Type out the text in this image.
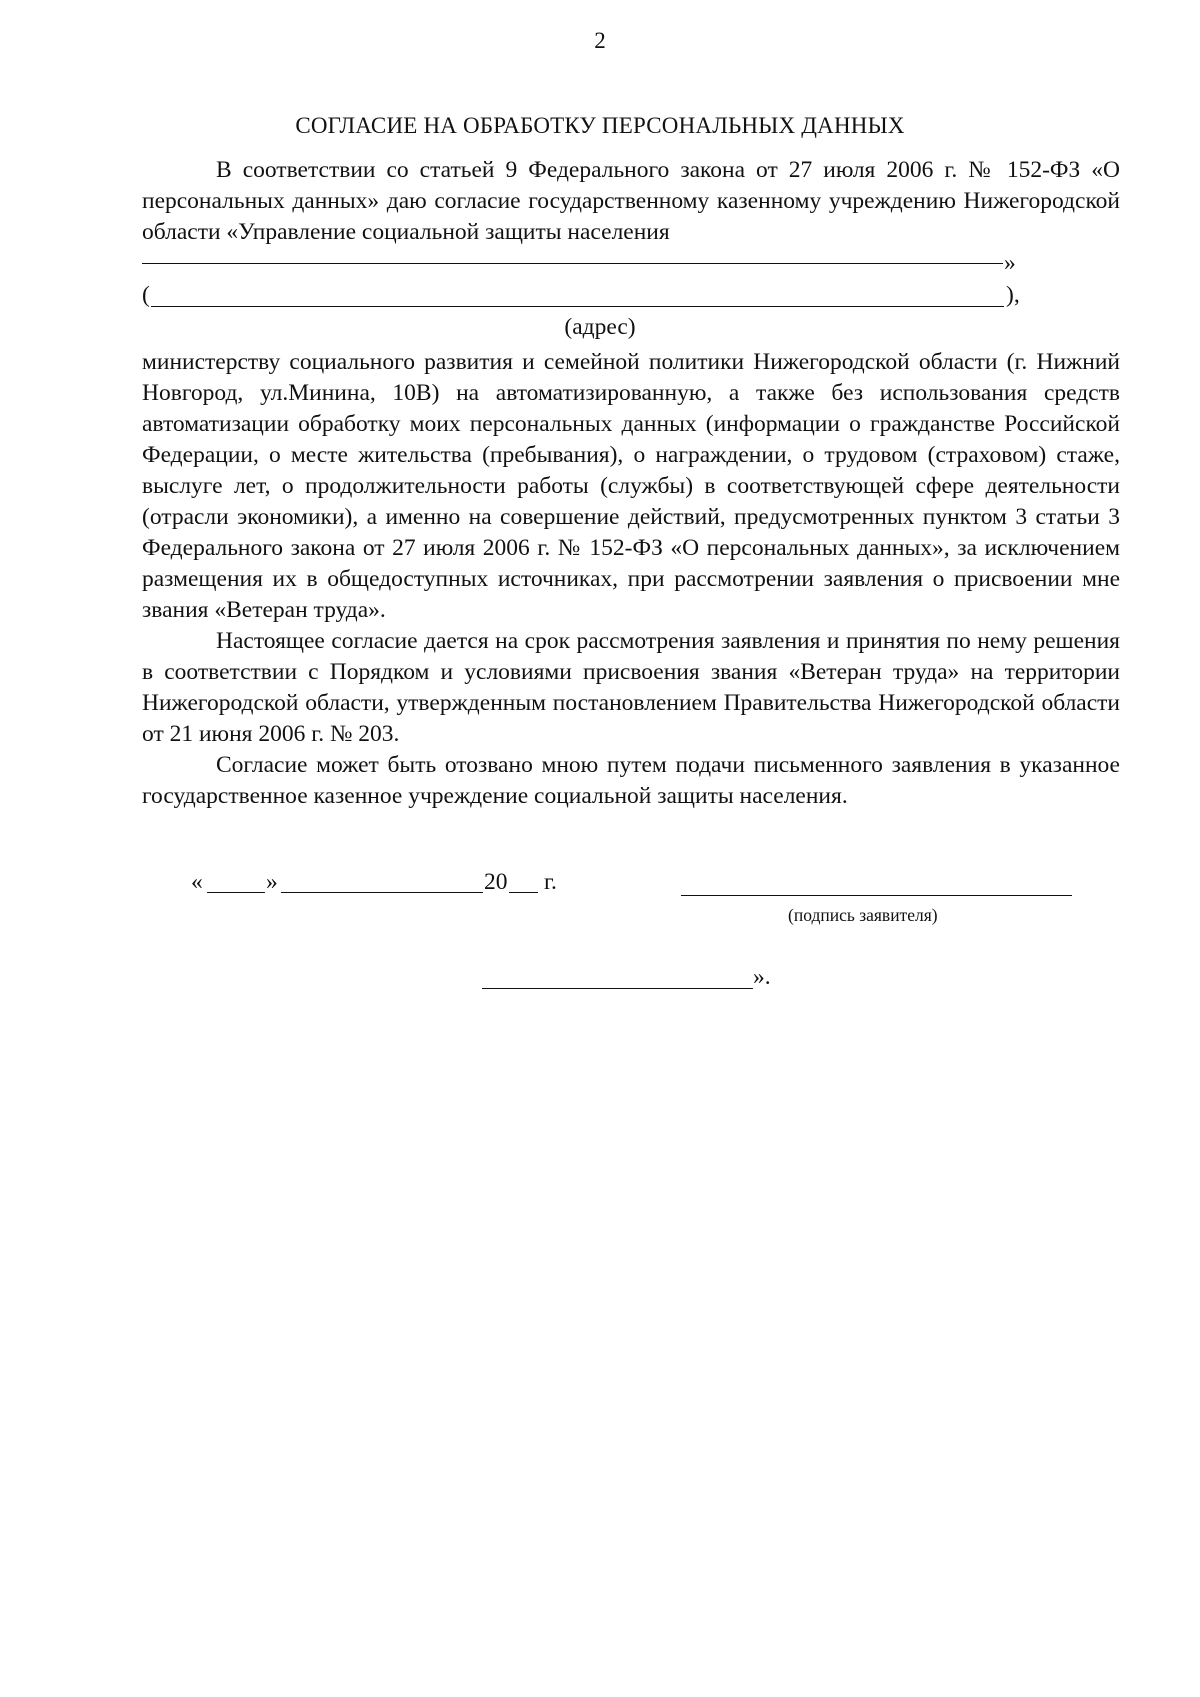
2
СОГЛАСИЕ НА ОБРАБОТКУ ПЕРСОНАЛЬНЫХ ДАННЫХ

В соответствии со статьей 9 Федерального закона от 27 июля 2006 г. № 152-ФЗ «О персональных данных» даю согласие государственному казенному учреждению Нижегородской области «Управление социальной защиты населения

»
(	),
(адрес)

министерству социального развития и семейной политики Нижегородской области (г. Нижний Новгород, ул.Минина, 10В) на автоматизированную, а также без использования средств автоматизации обработку моих персональных данных (информации о гражданстве Российской Федерации, о месте жительства (пребывания), о награждении, о трудовом (страховом) стаже, выслуге лет, о продолжительности работы (службы) в соответствующей сфере деятельности (отрасли экономики), а именно на совершение действий, предусмотренных пунктом 3 статьи 3 Федерального закона от 27 июля 2006 г. № 152-ФЗ «О персональных данных», за исключением размещения их в общедоступных источниках, при рассмотрении заявления о присвоении мне звания «Ветеран труда».

Настоящее согласие дается на срок рассмотрения заявления и принятия по нему решения в соответствии с Порядком и условиями присвоения звания «Ветеран труда» на территории Нижегородской области, утвержденным постановлением Правительства Нижегородской области от 21 июня 2006 г. № 203.

Согласие может быть отозвано мною путем подачи письменного заявления в указанное государственное казенное учреждение социальной защиты населения.

«	»	20 г.
(подпись заявителя)
».
